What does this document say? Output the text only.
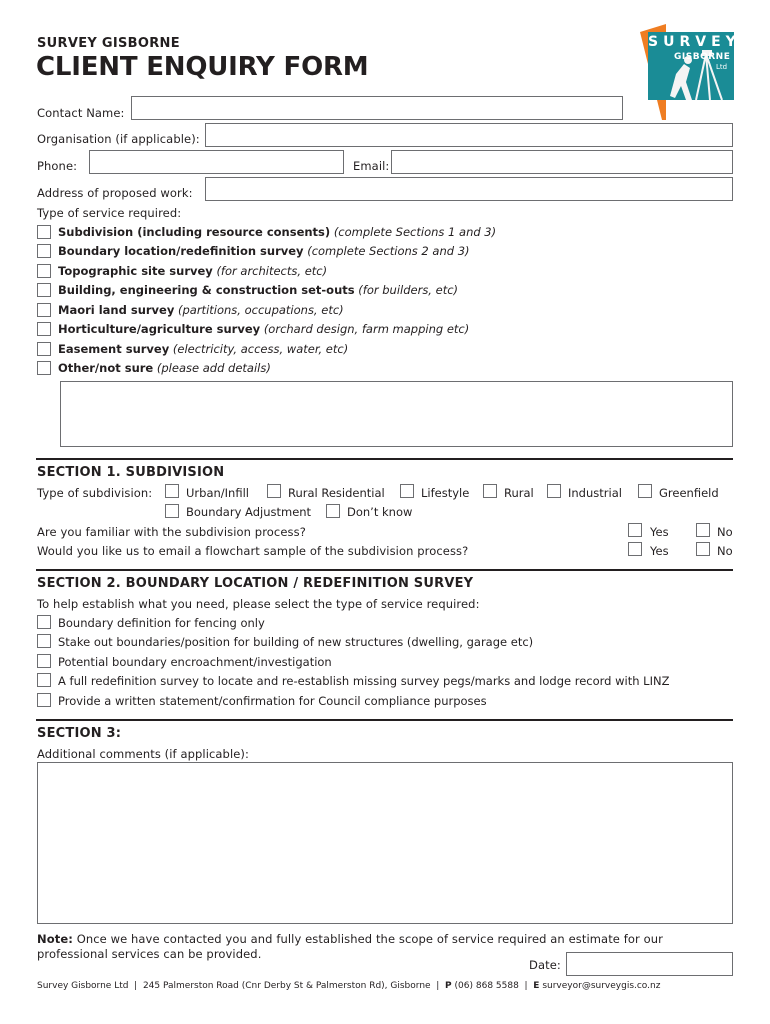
SURVEY GISBORNE
CLIENT ENQUIRY FORM
SURVEY
GISBORNE
Ltd
Contact Name:
Organisation (if applicable):
Phone:	Email:
Address of proposed work:
Type of service required:
Subdivision (including resource consents) (complete Sections 1 and 3)
Boundary location/redefinition survey (complete Sections 2 and 3)
Topographic site survey (for architects, etc)
Building, engineering & construction set-outs (for builders, etc)
Maori land survey (partitions, occupations, etc)
Horticulture/agriculture survey (orchard design, farm mapping etc)
Easement survey (electricity, access, water, etc)
Other/not sure (please add details)
SECTION 1. SUBDIVISION
Type of subdivision:	Urban/Infill	Rural Residential	Lifestyle	Rural	Industrial	Greenfield
Boundary Adjustment	Don’t know
Are you familiar with the subdivision process?	Yes	No
Would you like us to email a flowchart sample of the subdivision process?	Yes	No
SECTION 2. BOUNDARY LOCATION / REDEFINITION SURVEY
To help establish what you need, please select the type of service required:
Boundary definition for fencing only
Stake out boundaries/position for building of new structures (dwelling, garage etc)
Potential boundary encroachment/investigation
A full redefinition survey to locate and re-establish missing survey pegs/marks and lodge record with LINZ
Provide a written statement/confirmation for Council compliance purposes
SECTION 3:
Additional comments (if applicable):
Note: Once we have contacted you and fully established the scope of service required an estimate for our professional services can be provided.
Date:
Survey Gisborne Ltd  |  245 Palmerston Road (Cnr Derby St & Palmerston Rd), Gisborne  |  P (06) 868 5588  |  E surveyor@surveygis.co.nz
